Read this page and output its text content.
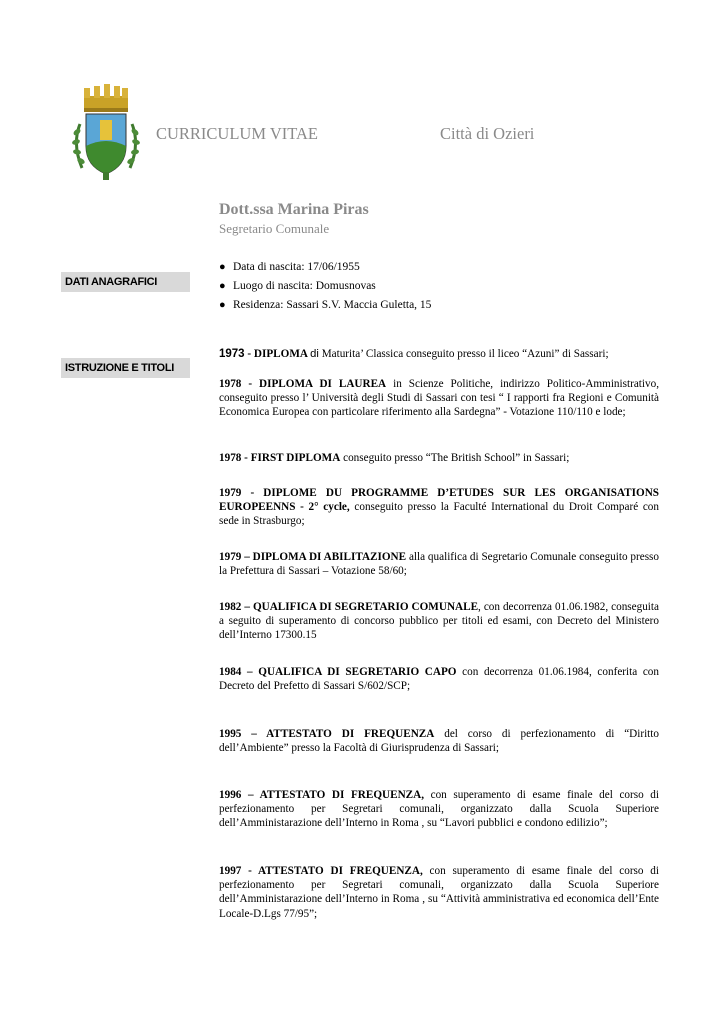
CURRICULUM VITAE	Città di Ozieri
Dott.ssa Marina Piras
Segretario Comunale
DATI ANAGRAFICI
● Data di nascita: 17/06/1955
● Luogo di nascita: Domusnovas
● Residenza: Sassari S.V. Maccia Guletta, 15
ISTRUZIONE E TITOLI
1973 - DIPLOMA di Maturita’ Classica conseguito presso il liceo “Azuni” di Sassari;
1978 - DIPLOMA DI LAUREA in Scienze Politiche, indirizzo Politico-Amministrativo, conseguito presso l’ Università degli Studi di Sassari con tesi “ I rapporti fra Regioni e Comunità Economica Europea con particolare riferimento alla Sardegna” - Votazione 110/110 e lode;
1978 - FIRST DIPLOMA conseguito presso “The British School” in Sassari;
1979 - DIPLOME DU PROGRAMME D’ETUDES SUR LES ORGANISATIONS EUROPEENNS - 2° cycle, conseguito presso la Faculté International du Droit Comparé con sede in Strasburgo;
1979 – DIPLOMA DI ABILITAZIONE alla qualifica di Segretario Comunale conseguito presso la Prefettura di Sassari – Votazione 58/60;
1982 – QUALIFICA DI SEGRETARIO COMUNALE, con decorrenza 01.06.1982, conseguita a seguito di superamento di concorso pubblico per titoli ed esami, con Decreto del Ministero dell’Interno 17300.15
1984 – QUALIFICA DI SEGRETARIO CAPO con decorrenza 01.06.1984, conferita con Decreto del Prefetto di Sassari S/602/SCP;
1995 – ATTESTATO DI FREQUENZA del corso di perfezionamento di “Diritto dell’Ambiente” presso la Facoltà di Giurisprudenza di Sassari;
1996 – ATTESTATO DI FREQUENZA, con superamento di esame finale del corso di perfezionamento per Segretari comunali, organizzato dalla Scuola Superiore dell’Amministarazione dell’Interno in Roma , su “Lavori pubblici e condono edilizio”;
1997 - ATTESTATO DI FREQUENZA, con superamento di esame finale del corso di perfezionamento per Segretari comunali, organizzato dalla Scuola Superiore dell’Amministarazione dell’Interno in Roma , su “Attività amministrativa ed economica dell’Ente Locale-D.Lgs 77/95”;
